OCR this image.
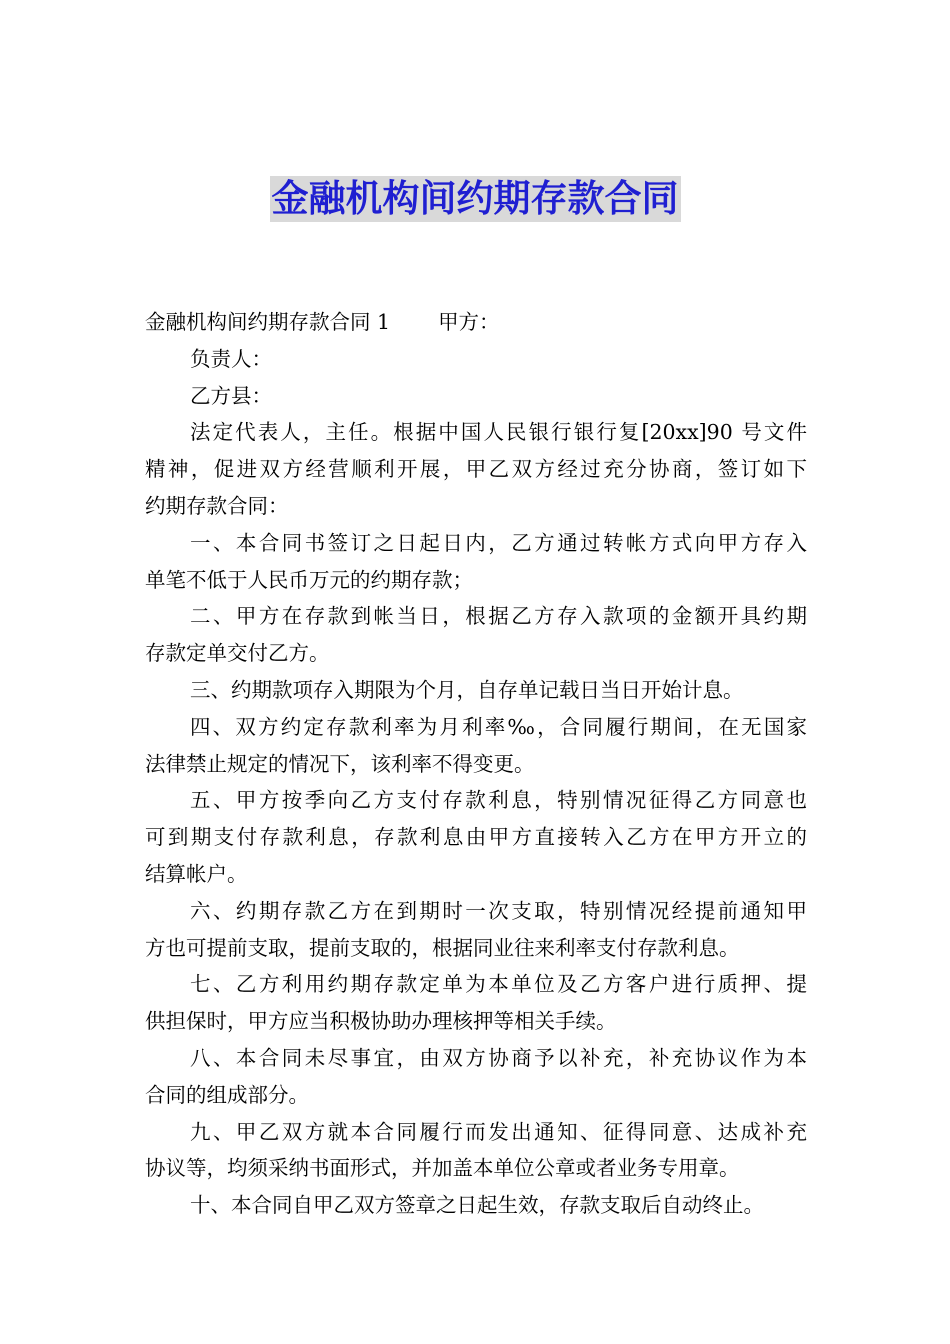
金融机构间约期存款合同
金融机构间约期存款合同 1 甲方：
负责人：
乙方县：
法定代表人，主任。根据中国人民银行银行复[20xx]90 号文件
精神，促进双方经营顺利开展，甲乙双方经过充分协商，签订如下
约期存款合同：
一、本合同书签订之日起日内，乙方通过转帐方式向甲方存入
单笔不低于人民币万元的约期存款；
二、甲方在存款到帐当日，根据乙方存入款项的金额开具约期
存款定单交付乙方。
三、约期款项存入期限为个月，自存单记载日当日开始计息。
四、双方约定存款利率为月利率‰，合同履行期间，在无国家
法律禁止规定的情况下，该利率不得变更。
五、甲方按季向乙方支付存款利息，特别情况征得乙方同意也
可到期支付存款利息，存款利息由甲方直接转入乙方在甲方开立的
结算帐户。
六、约期存款乙方在到期时一次支取，特别情况经提前通知甲
方也可提前支取，提前支取的，根据同业往来利率支付存款利息。
七、乙方利用约期存款定单为本单位及乙方客户进行质押、提
供担保时，甲方应当积极协助办理核押等相关手续。
八、本合同未尽事宜，由双方协商予以补充，补充协议作为本
合同的组成部分。
九、甲乙双方就本合同履行而发出通知、征得同意、达成补充
协议等，均须采纳书面形式，并加盖本单位公章或者业务专用章。
十、本合同自甲乙双方签章之日起生效，存款支取后自动终止。
